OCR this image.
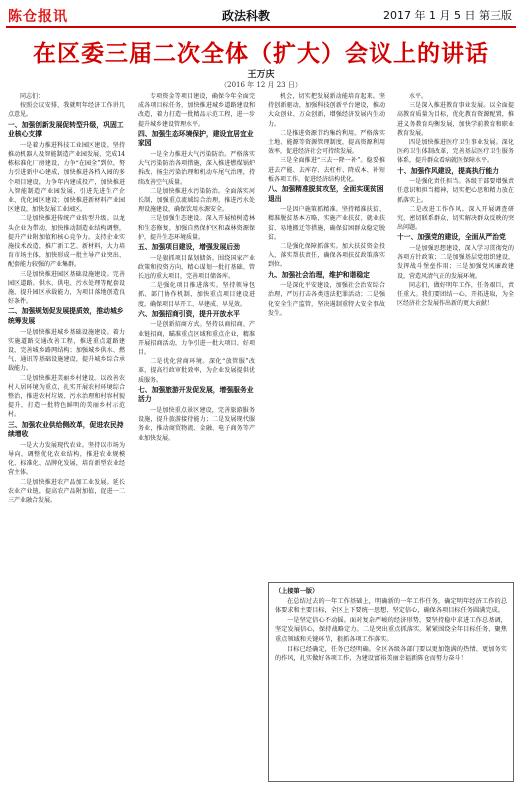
陈仓报讯	政法科教	2017 年 1 月 5 日 第三版
在区委三届二次全体（扩大）会议上的讲话
王万庆
（2016 年 12 月 23 日）

同志们：

按照会议安排，我就明年经济工作讲几点意见。

一、加强创新发展促转型升级，巩固工业核心支撑

一是着力推进科技工业园区建设。坚持推动机器人及智能制造产业园发展，完成14栋标准化厂房建设，力争“在园全”到位，努力引进新中心建成，加快推进各档入园的多个项目建设，力争年内建成投产，加快推进入智能制造产业园发展，引进先进生产企业，优化园区建设；加快推进新材料产业园区建设，加快发展工业园区。

二是加快推进传统产业转型升级。以龙头企业为带动，加快推动制造业结构调整，提升产业附加值和核心竞争力。支持企业实施技术改造，推广新工艺、新材料，大力培育市场主体，加快形成一批主导产业突出、配套能力较强的产业集群。

三是加快推进园区基础设施建设。完善园区道路、供水、供电、污水处理等配套设施，提升园区承载能力，为项目落地创造良好条件。

二、加强规划促发展提质效，推动城乡统筹发展

一是加快推进城乡基础设施建设。着力实施道路交通改善工程，推进重点道路建设，完善城乡路网结构；加强城乡供水、燃气、通讯等基础设施建设，提升城乡综合承载能力。

二是加快推进美丽乡村建设。以改善农村人居环境为重点，扎实开展农村环境综合整治，推进农村垃圾、污水治理和村容村貌提升，打造一批特色鲜明的美丽乡村示范村。

三、加强农业供给侧改革，促进农民持续增收

一是大力发展现代农业。坚持以市场为导向，调整优化农业结构，推进农业规模化、标准化、品牌化发展，培育新型农业经营主体。

二是加快推进农产品加工业发展。延长农业产业链，提高农产品附加值，促进一二三产业融合发展。

专项资金等项目建设，确保今年全面完成各项目标任务，加快推进城乡道路建设和改造，着力打造一批精品示范工程，进一步提升城乡建设管理水平。

四、加强生态环境保护，建设宜居宜业家园

一是全力推进大气污染防治。严格落实大气污染防治各项措施，深入推进燃煤锅炉拆改、扬尘污染治理和机动车尾气治理，持续改善空气质量。

二是加快推进水污染防治。全面落实河长制，加强重点流域综合治理，推进污水处理设施建设，确保饮用水源安全。

三是加强生态建设。深入开展植树造林和生态修复，加强自然保护区和森林资源保护，提升生态环境质量。

五、加强项目建设，增强发展后劲

一是狠抓项目谋划储备。围绕国家产业政策和投资方向，精心谋划一批打基础、管长远的重大项目，完善项目储备库。

二是强化项目推进落实。坚持领导包抓、部门协作机制，加快重点项目建设进度，确保项目早开工、早建成、早见效。

六、加强招商引资，提升开放水平

一是创新招商方式。坚持以商招商、产业链招商，瞄准重点区域和重点企业，精准开展招商活动，力争引进一批大项目、好项目。

二是优化营商环境。深化“放管服”改革，提高行政审批效率，为企业发展提供优质服务。

七、加强旅游开发促发展，增强服务业活力

一是加快重点景区建设，完善旅游服务设施，提升旅游接待能力；二是发展现代服务业，推动商贸物流、金融、电子商务等产业加快发展。

机会，切实把发展新动能培育起来。坚持创新驱动，加强科技创新平台建设，推动大众创业、万众创新，增强经济发展内生动力。

二是推进资源节约集约利用。严格落实土地、能源等资源管理制度，提高资源利用效率，促进经济社会可持续发展。

三是全面推进“三去一降一补”。稳妥推进去产能、去库存、去杠杆、降成本、补短板各项工作，促进经济结构优化。

八、加强精准脱贫攻坚，全面实现贫困退出

一是因户施策抓精准。坚持精准扶贫、精准脱贫基本方略，实施产业扶贫、就业扶贫、易地搬迁等措施，确保贫困群众稳定脱贫。

二是强化保障抓落实。加大扶贫资金投入，落实帮扶责任，确保各项扶贫政策落实到位。

九、加强社会治理，维护和谐稳定

一是深化平安建设，加强社会治安综合治理，严厉打击各类违法犯罪活动；二是强化安全生产监管，坚决遏制重特大安全事故发生。

水平。

三是深入推进教育事业发展。以全面提高教育质量为目标，优化教育资源配置，推进义务教育均衡发展，加快学前教育和职业教育发展。

四是加快推进医疗卫生事业发展。深化医药卫生体制改革，完善基层医疗卫生服务体系，提升群众看病就医保障水平。

十、加强作风建设，提高执行能力

一是强化责任担当。各级干部要增强责任意识和担当精神，切实把心思和精力放在抓落实上。

二是改进工作作风。深入开展调查研究，密切联系群众，切实解决群众反映的突出问题。

十一、加强党的建设，全面从严治党

一是加强思想建设，深入学习贯彻党的各项方针政策；二是加强基层党组织建设，发挥战斗堡垒作用；三是加强党风廉政建设，营造风清气正的发展环境。

同志们，做好明年工作，任务艰巨，责任重大。我们要团结一心，开拓进取，为全区经济社会发展作出新的更大贡献！

（上接第一版）

在总结过去的一年工作基础上，明确新的一年工作任务，确定明年经济工作的总体要求和主要目标，全区上下要统一思想、坚定信心，确保各项目标任务圆满完成。

一是坚定信心不动摇。面对复杂严峻的经济形势，要坚持稳中求进工作总基调，坚定发展信心，保持战略定力。二是突出重点抓落实。紧紧围绕全年目标任务，聚焦重点领域和关键环节，狠抓各项工作落实。

目标已经确定，任务已经明确。全区各级各部门要以更加饱满的热情、更加务实的作风，扎实做好各项工作，为建设富裕美丽幸福新陈仓而努力奋斗！
